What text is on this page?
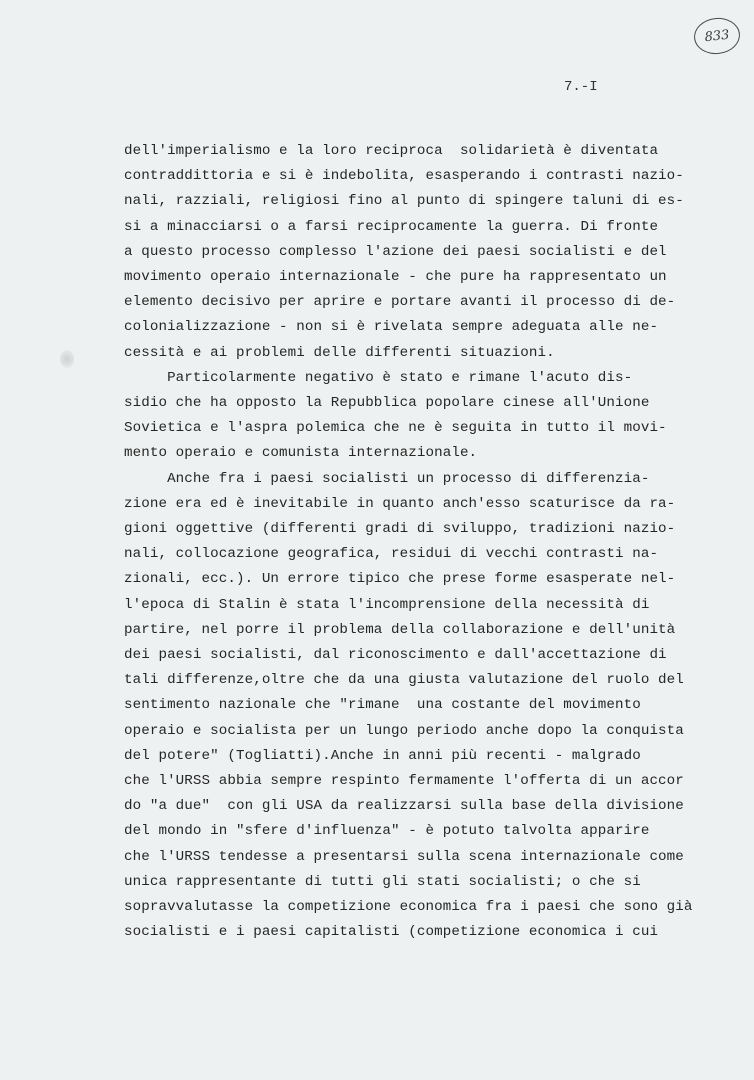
833
7.-I
dell'imperialismo e la loro reciproca  solidarietà è diventata
contraddittoria e si è indebolita, esasperando i contrasti nazio-
nali, razziali, religiosi fino al punto di spingere taluni di es-
si a minacciarsi o a farsi reciprocamente la guerra. Di fronte
a questo processo complesso l'azione dei paesi socialisti e del
movimento operaio internazionale - che pure ha rappresentato un
elemento decisivo per aprire e portare avanti il processo di de-
colonializzazione - non si è rivelata sempre adeguata alle ne-
cessità e ai problemi delle differenti situazioni.
Particolarmente negativo è stato e rimane l'acuto dis-
sidio che ha opposto la Repubblica popolare cinese all'Unione
Sovietica e l'aspra polemica che ne è seguita in tutto il movi-
mento operaio e comunista internazionale.
Anche fra i paesi socialisti un processo di differenzia-
zione era ed è inevitabile in quanto anch'esso scaturisce da ra-
gioni oggettive (differenti gradi di sviluppo, tradizioni nazio-
nali, collocazione geografica, residui di vecchi contrasti na-
zionali, ecc.). Un errore tipico che prese forme esasperate nel-
l'epoca di Stalin è stata l'incomprensione della necessità di
partire, nel porre il problema della collaborazione e dell'unità
dei paesi socialisti, dal riconoscimento e dall'accettazione di
tali differenze,oltre che da una giusta valutazione del ruolo del
sentimento nazionale che "rimane  una costante del movimento
operaio e socialista per un lungo periodo anche dopo la conquista
del potere" (Togliatti).Anche in anni più recenti - malgrado
che l'URSS abbia sempre respinto fermamente l'offerta di un accor
do "a due"  con gli USA da realizzarsi sulla base della divisione
del mondo in "sfere d'influenza" - è potuto talvolta apparire
che l'URSS tendesse a presentarsi sulla scena internazionale come
unica rappresentante di tutti gli stati socialisti; o che si
sopravvalutasse la competizione economica fra i paesi che sono già
socialisti e i paesi capitalisti (competizione economica i cui
